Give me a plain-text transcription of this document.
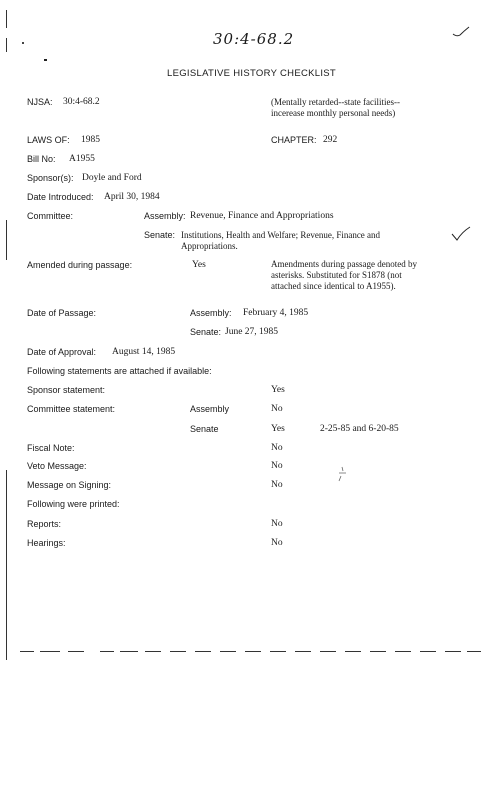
30:4-68.2
LEGISLATIVE HISTORY CHECKLIST
NJSA: 30:4-68.2	(Mentally retarded--state facilities--incerease monthly personal needs)
LAWS OF: 1985	CHAPTER: 292
Bill No: A1955
Sponsor(s): Doyle and Ford
Date Introduced: April 30, 1984
Committee:	Assembly: Revenue, Finance and Appropriations
Senate: Institutions, Health and Welfare; Revenue, Finance and Appropriations.
Amended during passage:	Yes	Amendments during passage denoted by asterisks. Substituted for S1878 (not attached since identical to A1955).
Date of Passage:	Assembly: February 4, 1985
Senate: June 27, 1985
Date of Approval: August 14, 1985
Following statements are attached if available:
Sponsor statement:	Yes
Committee statement:	Assembly	No
Senate	Yes	2-25-85 and 6-20-85
Fiscal Note:	No
Veto Message:	No
Message on Signing:	No
Following were printed:
Reports:	No
Hearings:	No
